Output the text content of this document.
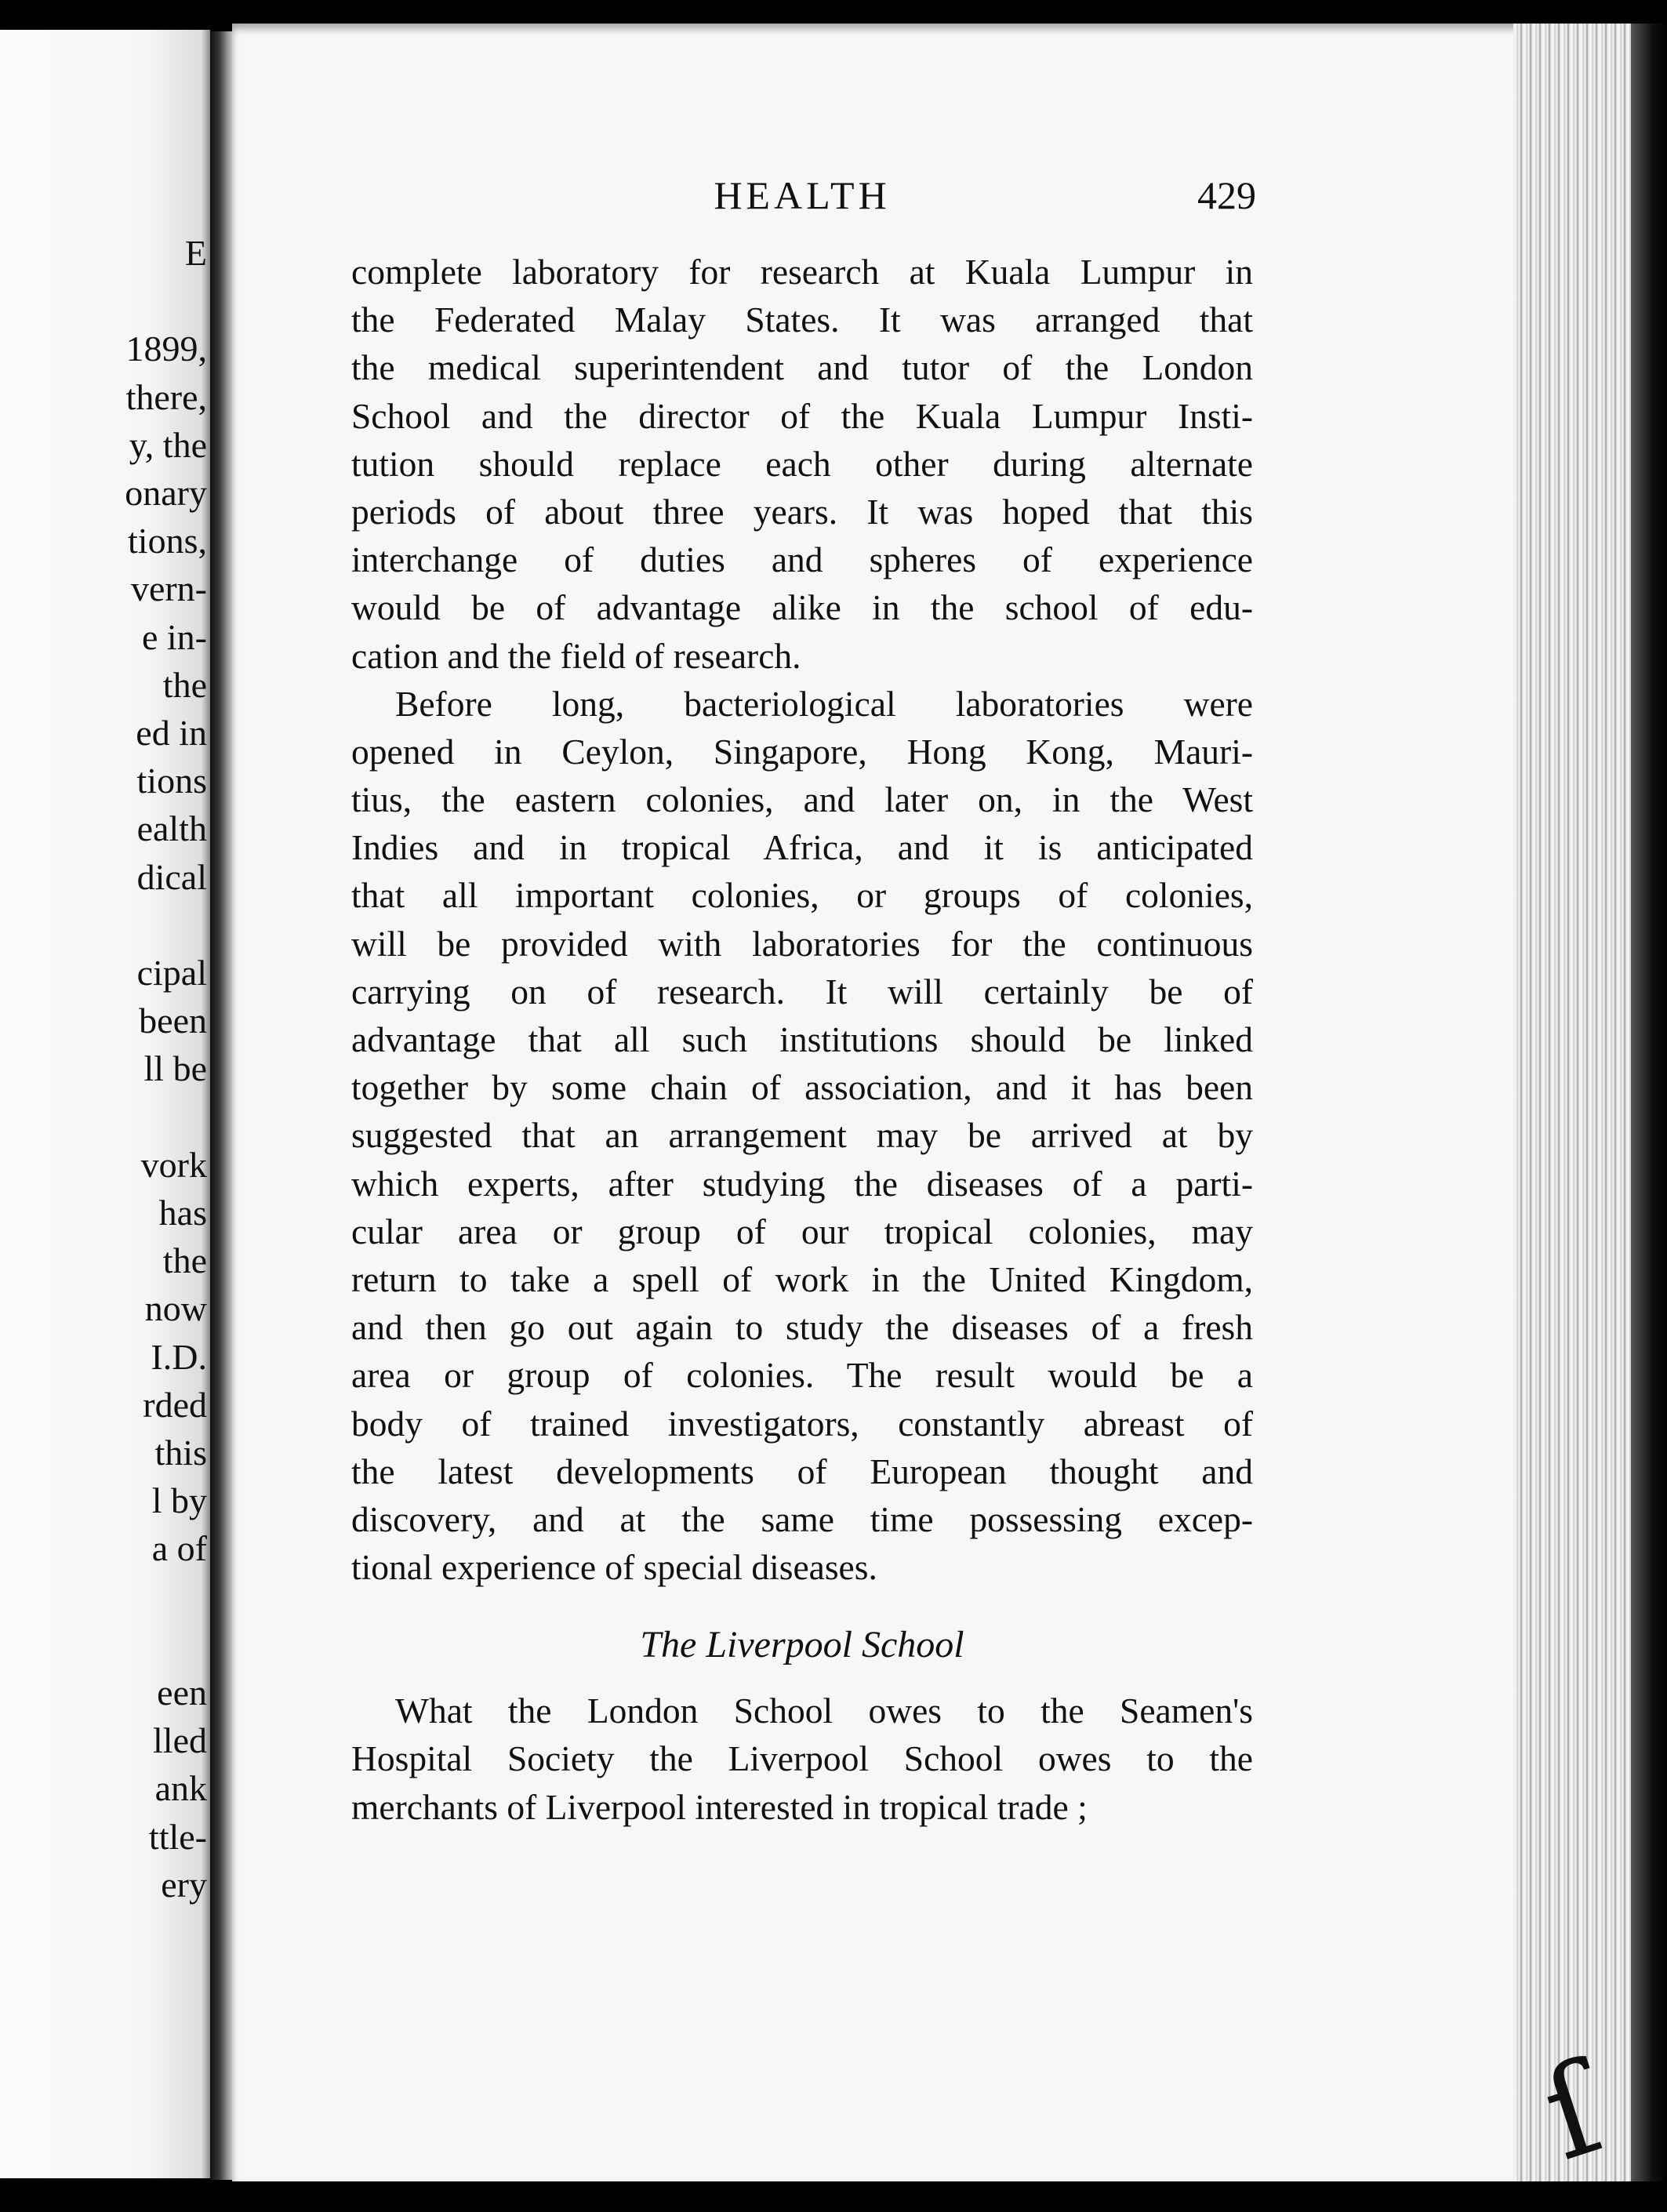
E
1899,
there,
y, the
onary
tions,
vern-
e in-
the
ed in
tions
ealth
dical
cipal
been
ll be
vork
has
the
now
I.D.
rded
this
l by
a of
een
lled
ank
ttle-
ery
ſ
HEALTH	429
complete laboratory for research at Kuala Lumpur in
the Federated Malay States. It was arranged that
the medical superintendent and tutor of the London
School and the director of the Kuala Lumpur Insti-
tution should replace each other during alternate
periods of about three years. It was hoped that this
interchange of duties and spheres of experience
would be of advantage alike in the school of edu-
cation and the field of research.
Before long, bacteriological laboratories were
opened in Ceylon, Singapore, Hong Kong, Mauri-
tius, the eastern colonies, and later on, in the West
Indies and in tropical Africa, and it is anticipated
that all important colonies, or groups of colonies,
will be provided with laboratories for the continuous
carrying on of research. It will certainly be of
advantage that all such institutions should be linked
together by some chain of association, and it has been
suggested that an arrangement may be arrived at by
which experts, after studying the diseases of a parti-
cular area or group of our tropical colonies, may
return to take a spell of work in the United Kingdom,
and then go out again to study the diseases of a fresh
area or group of colonies. The result would be a
body of trained investigators, constantly abreast of
the latest developments of European thought and
discovery, and at the same time possessing excep-
tional experience of special diseases.
The Liverpool School
What the London School owes to the Seamen's
Hospital Society the Liverpool School owes to the
merchants of Liverpool interested in tropical trade ;
